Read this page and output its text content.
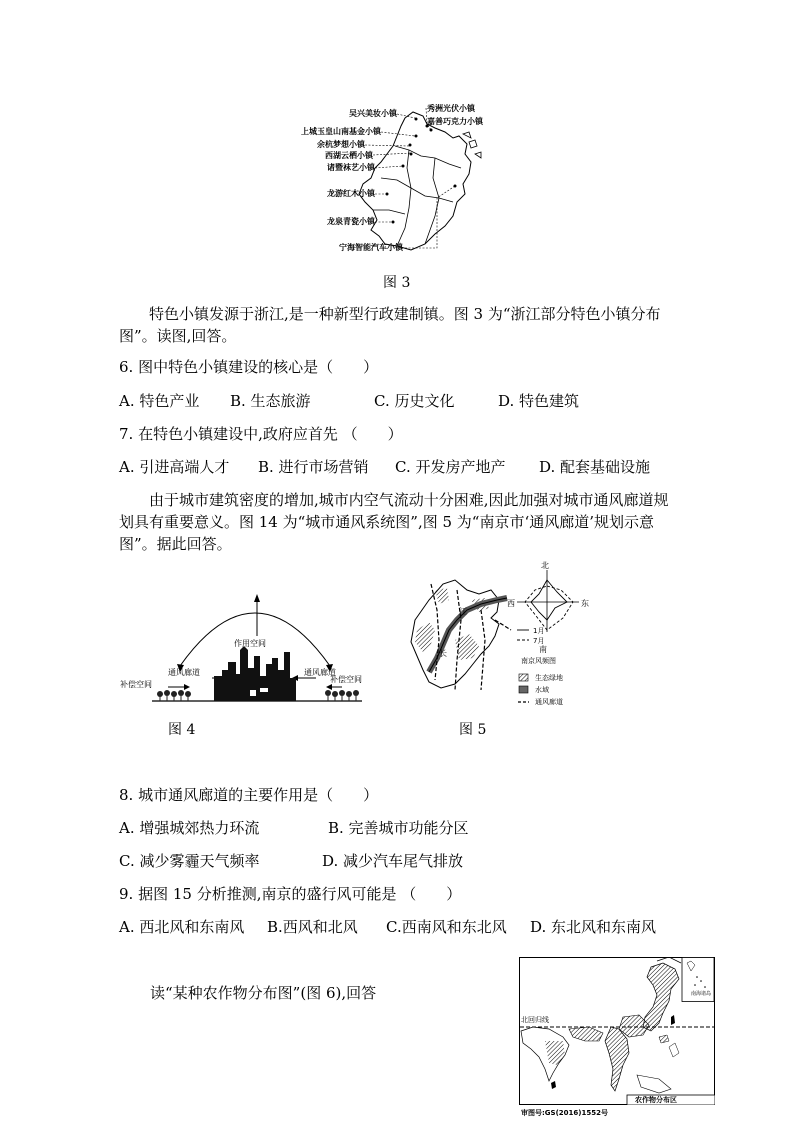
吴兴美妆小镇
上城玉皇山南基金小镇
余杭梦想小镇
西湖云栖小镇
诸暨袜艺小镇
龙游红木小镇
龙泉青瓷小镇
宁海智能汽车小镇
秀洲光伏小镇
嘉善巧克力小镇
图 3
特色小镇发源于浙江,是一种新型行政建制镇。图 3 为“浙江部分特色小镇分布图”。读图,回答。
6. 图中特色小镇建设的核心是（　　）
A. 特色产业 B. 生态旅游	C. 历史文化	D. 特色建筑
7. 在特色小镇建设中,政府应首先 （　　）
A. 引进高端人才 B. 进行市场营销 C. 开发房产地产 D. 配套基础设施
由于城市建筑密度的增加,城市内空气流动十分困难,因此加强对城市通风廊道规划具有重要意义。图 14 为“城市通风系统图”,图 5 为“南京市‘通风廊道’规划示意图”。据此回答。
作用空间
通风廊道	通风廊道
补偿空间
补偿空间
图 4
北
南
西	东
江
长
1月
7月
南京风频图
生态绿地
水域
通风廊道
图 5
8. 城市通风廊道的主要作用是（　　）
A. 增强城郊热力环流	B. 完善城市功能分区
C. 减少雾霾天气频率	D. 减少汽车尾气排放
9. 据图 15 分析推测,南京的盛行风可能是 （　　）
A. 西北风和东南风 B.西风和北风 C.西南风和东北风 D. 东北风和东南风
读“某种农作物分布图”(图 6),回答
北回归线
南海诸岛
农作物分布区
审图号:GS(2016)1552号
